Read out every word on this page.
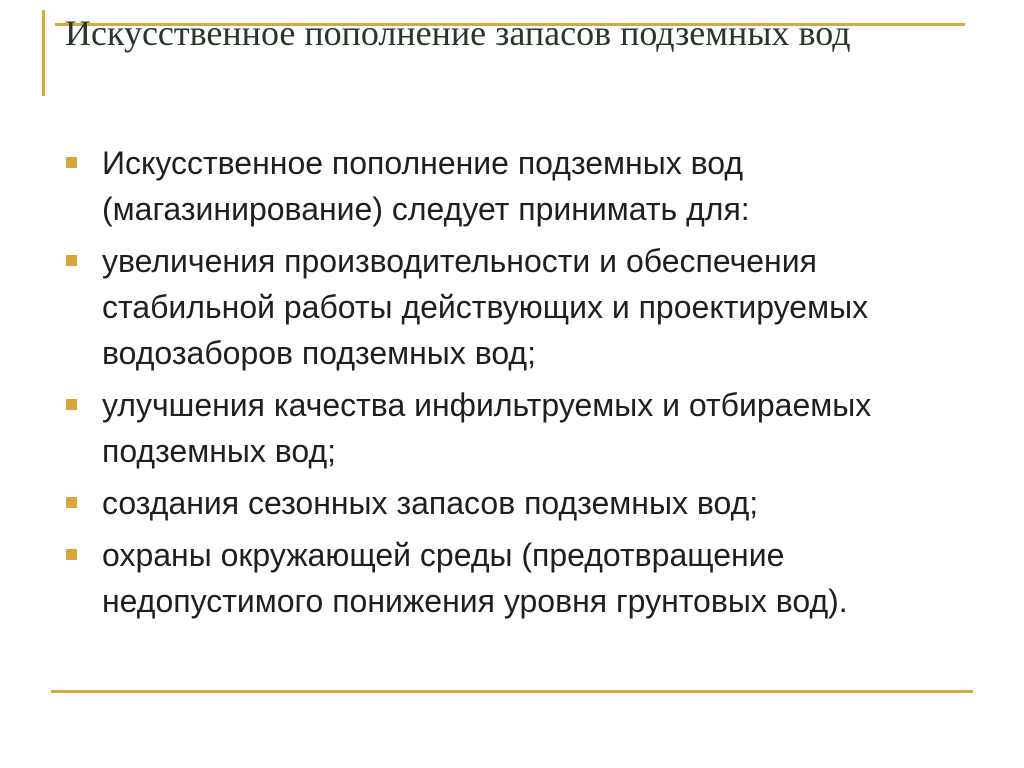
Искусственное пополнение запасов подземных вод
Искусственное пополнение подземных вод (магазинирование) следует принимать для:
увеличения производительности и обеспечения стабильной работы действующих и проектируемых водозаборов подземных вод;
улучшения качества инфильтруемых и отбираемых подземных вод;
создания сезонных запасов подземных вод;
охраны окружающей среды (предотвращение недопустимого понижения уровня грунтовых вод).
